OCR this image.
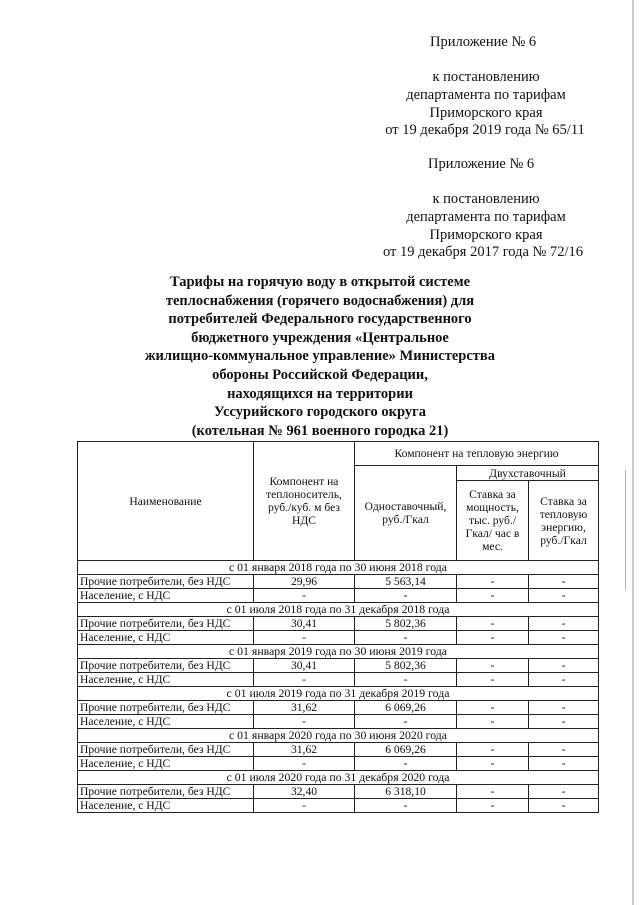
Приложение № 6
к постановлению
департамента по тарифам
Приморского края
от 19 декабря 2019 года № 65/11
Приложение № 6
к постановлению
департамента по тарифам
Приморского края
от 19 декабря 2017 года № 72/16
Тарифы на горячую воду в открытой системе
теплоснабжения (горячего водоснабжения) для
потребителей Федерального государственного
бюджетного учреждения «Центральное
жилищно-коммунальное управление» Министерства
обороны Российской Федерации,
находящихся на территории
Уссурийского городского округа
(котельная № 961 военного городка 21)
Наименование	Компонент на теплоноситель, руб./куб. м без НДС	Компонент на тепловую энергию		
		Одноставочный, руб./Гкал	Двухставочный	
			Ставка за мощность, тыс. руб./Гкал/ час в мес.	Ставка за тепловую энергию, руб./Гкал
с 01 января 2018 года по 30 июня 2018 года				
Прочие потребители, без НДС	29,96	5 563,14	-	-
Население, с НДС	-	-	-	-
с 01 июля 2018 года по 31 декабря 2018 года				
Прочие потребители, без НДС	30,41	5 802,36	-	-
Население, с НДС	-	-	-	-
с 01 января 2019 года по 30 июня 2019 года				
Прочие потребители, без НДС	30,41	5 802,36	-	-
Население, с НДС	-	-	-	-
с 01 июля 2019 года по 31 декабря 2019 года				
Прочие потребители, без НДС	31,62	6 069,26	-	-
Население, с НДС	-	-	-	-
с 01 января 2020 года по 30 июня 2020 года				
Прочие потребители, без НДС	31,62	6 069,26	-	-
Население, с НДС	-	-	-	-
с 01 июля 2020 года по 31 декабря 2020 года				
Прочие потребители, без НДС	32,40	6 318,10	-	-
Население, с НДС	-	-	-	-
